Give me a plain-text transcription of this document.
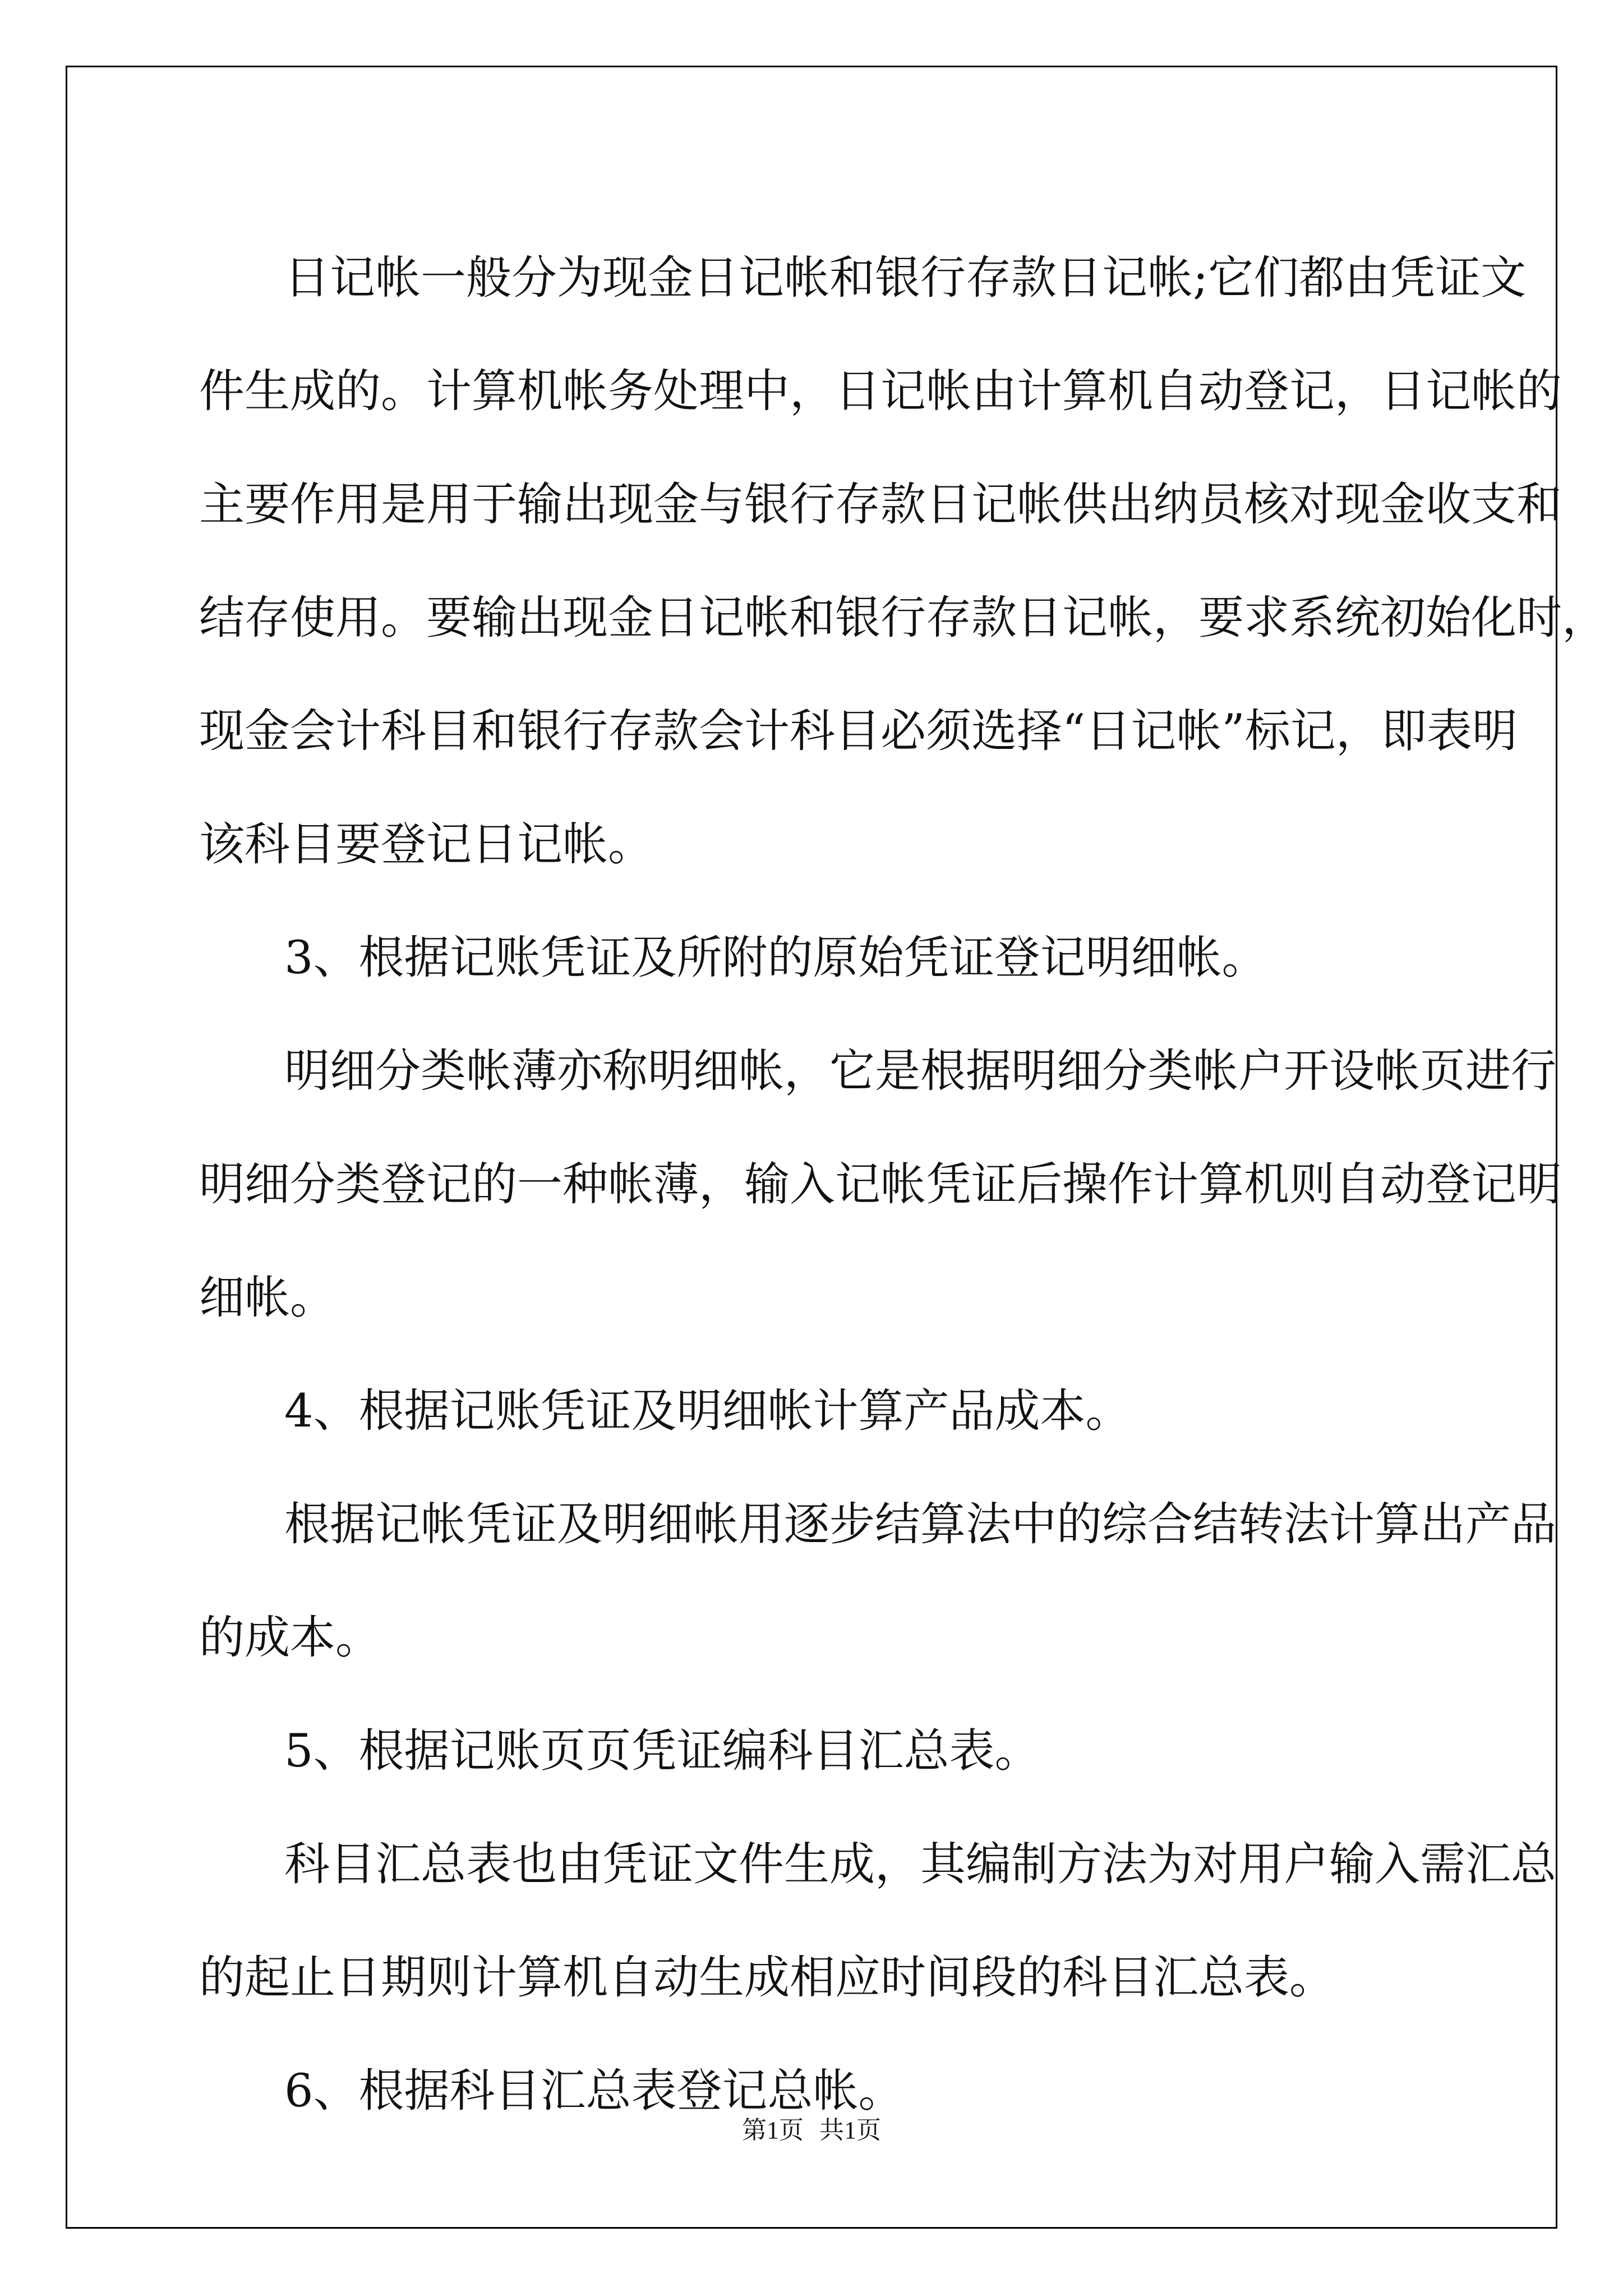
日记帐一般分为现金日记帐和银行存款日记帐;它们都由凭证文
件生成的。计算机帐务处理中，日记帐由计算机自动登记，日记帐的
主要作用是用于输出现金与银行存款日记帐供出纳员核对现金收支和
结存使用。要输出现金日记帐和银行存款日记帐，要求系统初始化时，
现金会计科目和银行存款会计科目必须选择“日记帐”标记，即表明
该科目要登记日记帐。
3、根据记账凭证及所附的原始凭证登记明细帐。
明细分类帐薄亦称明细帐，它是根据明细分类帐户开设帐页进行
明细分类登记的一种帐薄，输入记帐凭证后操作计算机则自动登记明
细帐。
4、根据记账凭证及明细帐计算产品成本。
根据记帐凭证及明细帐用逐步结算法中的综合结转法计算出产品
的成本。
5、根据记账页页凭证编科目汇总表。
科目汇总表也由凭证文件生成，其编制方法为对用户输入需汇总
的起止日期则计算机自动生成相应时间段的科目汇总表。
6、根据科目汇总表登记总帐。
第1页 共1页
